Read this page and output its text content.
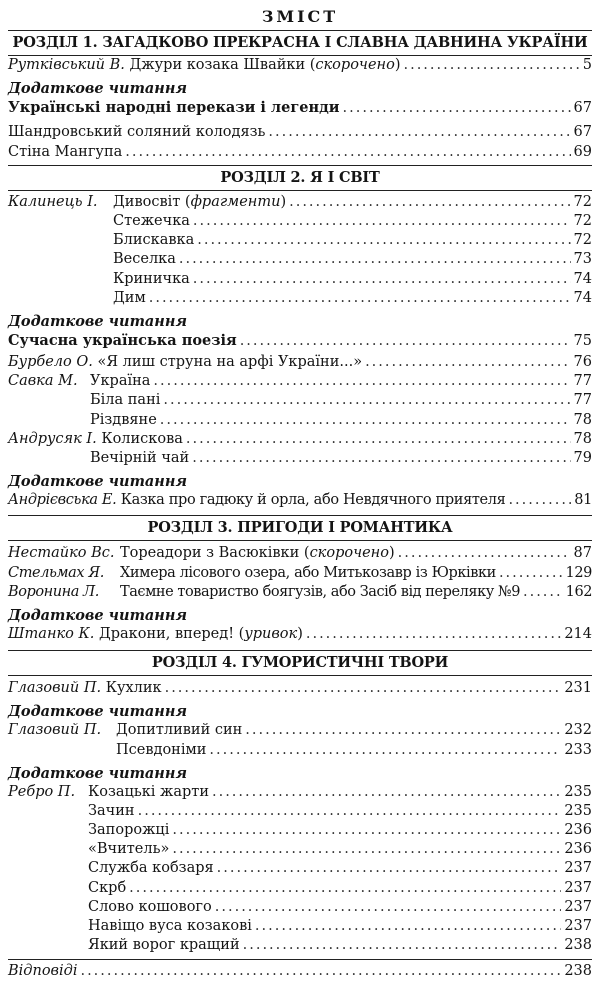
ЗМІСТ
РОЗДІЛ 1. ЗАГАДКОВО ПРЕКРАСНА І СЛАВНА ДАВНИНА УКРАЇНИ
Рутківський В.
Джури козака Швайки ( скорочено ) .....	5
Додаткове читання
Українські народні перекази і легенди .....	67
Шандровський соляний колодязь .....	67
Стіна Мангупа .....	69
РОЗДІЛ 2. Я І СВІТ
Калинець І.	Дивосвіт ( фрагменти ) .....	72
Стежечка .....	72
Блискавка .....	72
Веселка .....	73
Криничка .....	74
Дим .....	74
Додаткове читання
Сучасна українська поезія .....	75
Бурбело О.
«Я лиш струна на арфі України...» .....	76
Савка М. Україна .....	77
Біла пані .....	77
Різдвяне .....	78
Андрусяк І.
Колискова .....	78
Вечірній чай .....	79
Додаткове читання
Андрієвська Е.
Казка про гадюку й орла, або Невдячного приятеля .....	81
РОЗДІЛ 3. ПРИГОДИ І РОМАНТИКА
Нестайко Вс. Тореадори з Васюківки ( скорочено ) .....	87
Стельмах Я.	Химера лісового озера, або Митькозавр із Юрківки .....	129
Воронина Л.	Таємне товариство боягузів, або Засіб від переляку №9 .....	162
Додаткове читання
Штанко К.
Дракони, вперед! ( уривок ) .....	214
РОЗДІЛ 4. ГУМОРИСТИЧНІ ТВОРИ
Глазовий П.
Кухлик .....	231
Додаткове читання
Глазовий П.	Допитливий син .....	232
Псевдоніми .....	233
Додаткове читання
Ребро П. Козацькі жарти .....	235
Зачин .....	235
Запорожці .....	236
«Вчитель» .....	236
Служба кобзаря .....	237
Скрб .....	237
Слово кошового .....	237
Навіщо вуса козакові .....	237
Який ворог кращий .....	238
Відповіді .....	238
